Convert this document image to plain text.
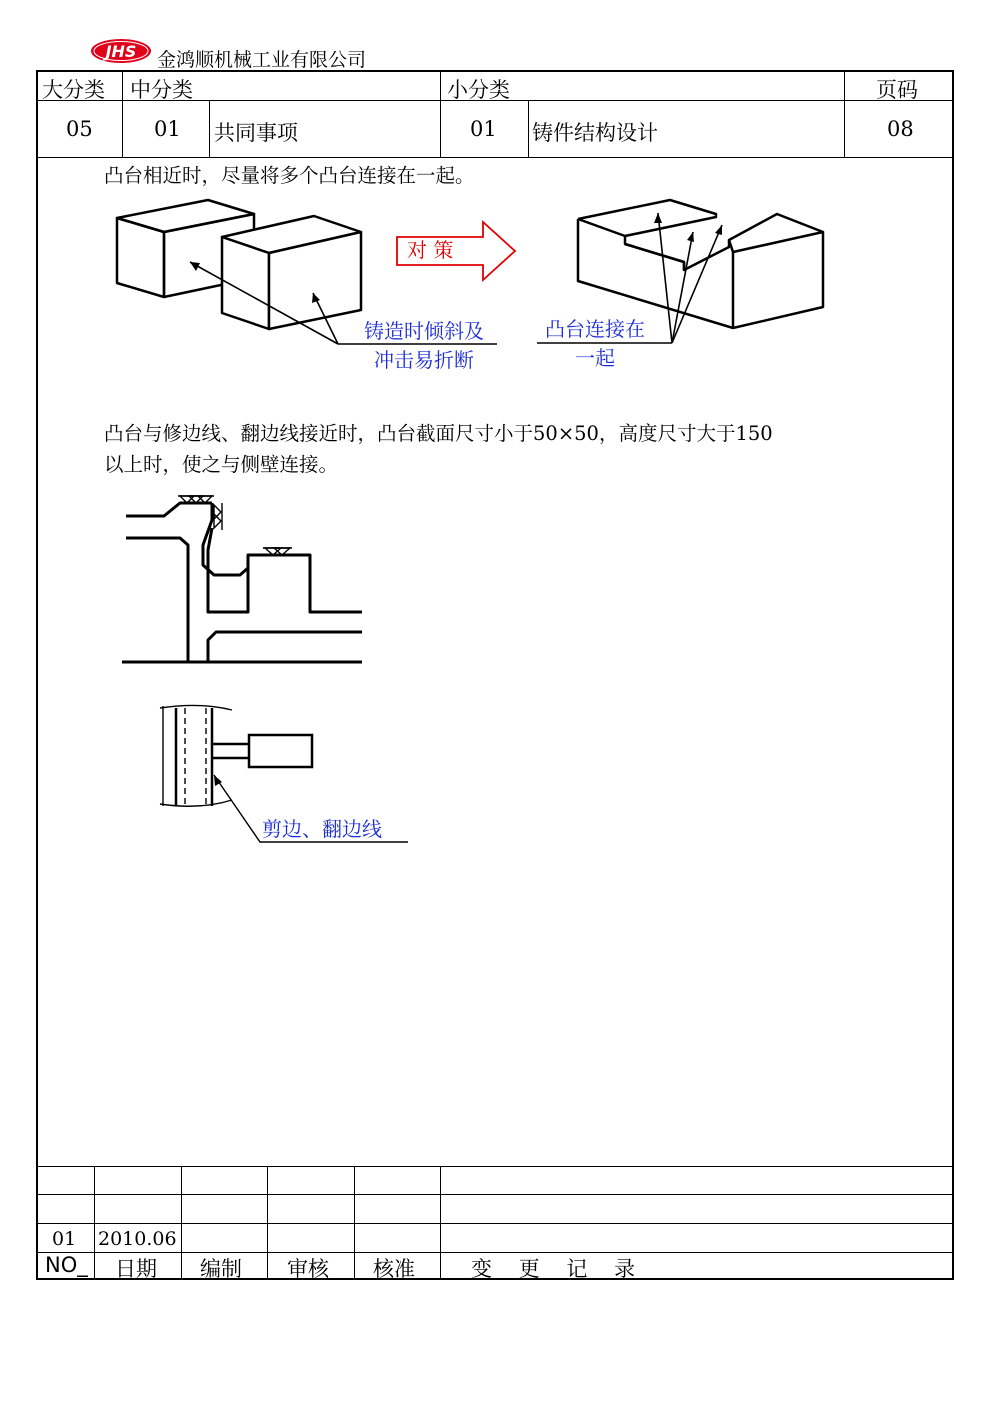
JHS 金鸿顺机械工业有限公司
大分类 中分类	小分类	页码
05	01 共同事项	01 铸件结构设计	08
凸台相近时，尽量将多个凸台连接在一起。
对 策
铸造时倾斜及
冲击易折断
凸台连接在
一起
凸台与修边线、翻边线接近时，凸台截面尺寸小于50×50，高度尺寸大于150
以上时，使之与侧壁连接。
剪边、翻边线
01 2010.06
NO_ 日期 编制 审核 核准	变    更    记    录
